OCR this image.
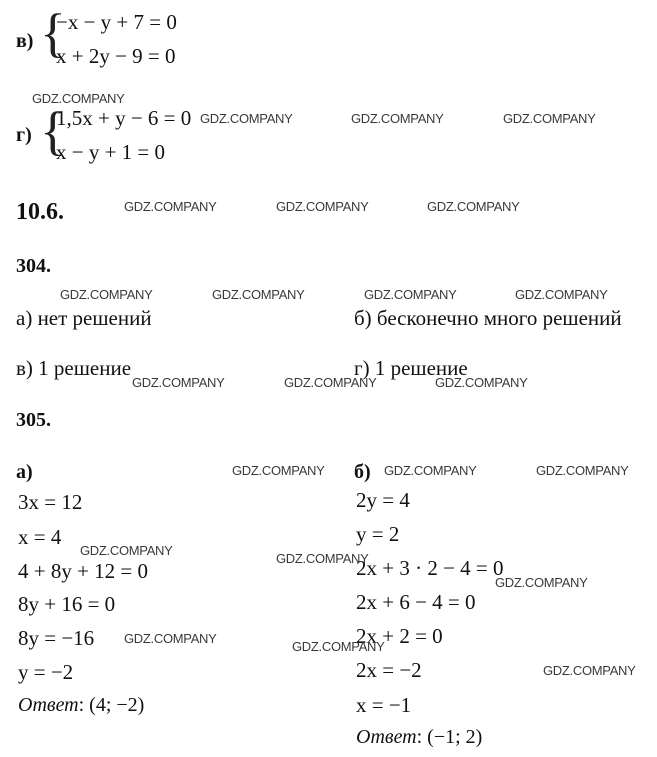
в) {
−x − y + 7 = 0
x + 2y − 9 = 0
г) {
1,5x + y − 6 = 0
x − y + 1 = 0
10.6.
304.
а) нет решений	б) бесконечно много решений
в) 1 решение	г) 1 решение
305.
а)
3x = 12
x = 4
4 + 8y + 12 = 0
8y + 16 = 0
8y = −16
y = −2
Ответ: (4; −2)
б)
2y = 4
y = 2
2x + 3 · 2 − 4 = 0
2x + 6 − 4 = 0
2x + 2 = 0
2x = −2
x = −1
Ответ: (−1; 2)
GDZ.COMPANY
GDZ.COMPANY	GDZ.COMPANY	GDZ.COMPANY
GDZ.COMPANY	GDZ.COMPANY	GDZ.COMPANY
GDZ.COMPANY	GDZ.COMPANY	GDZ.COMPANY	GDZ.COMPANY
GDZ.COMPANY	GDZ.COMPANY	GDZ.COMPANY
GDZ.COMPANY	GDZ.COMPANY	GDZ.COMPANY
GDZ.COMPANY
GDZ.COMPANY
GDZ.COMPANY
GDZ.COMPANY
GDZ.COMPANY
GDZ.COMPANY
